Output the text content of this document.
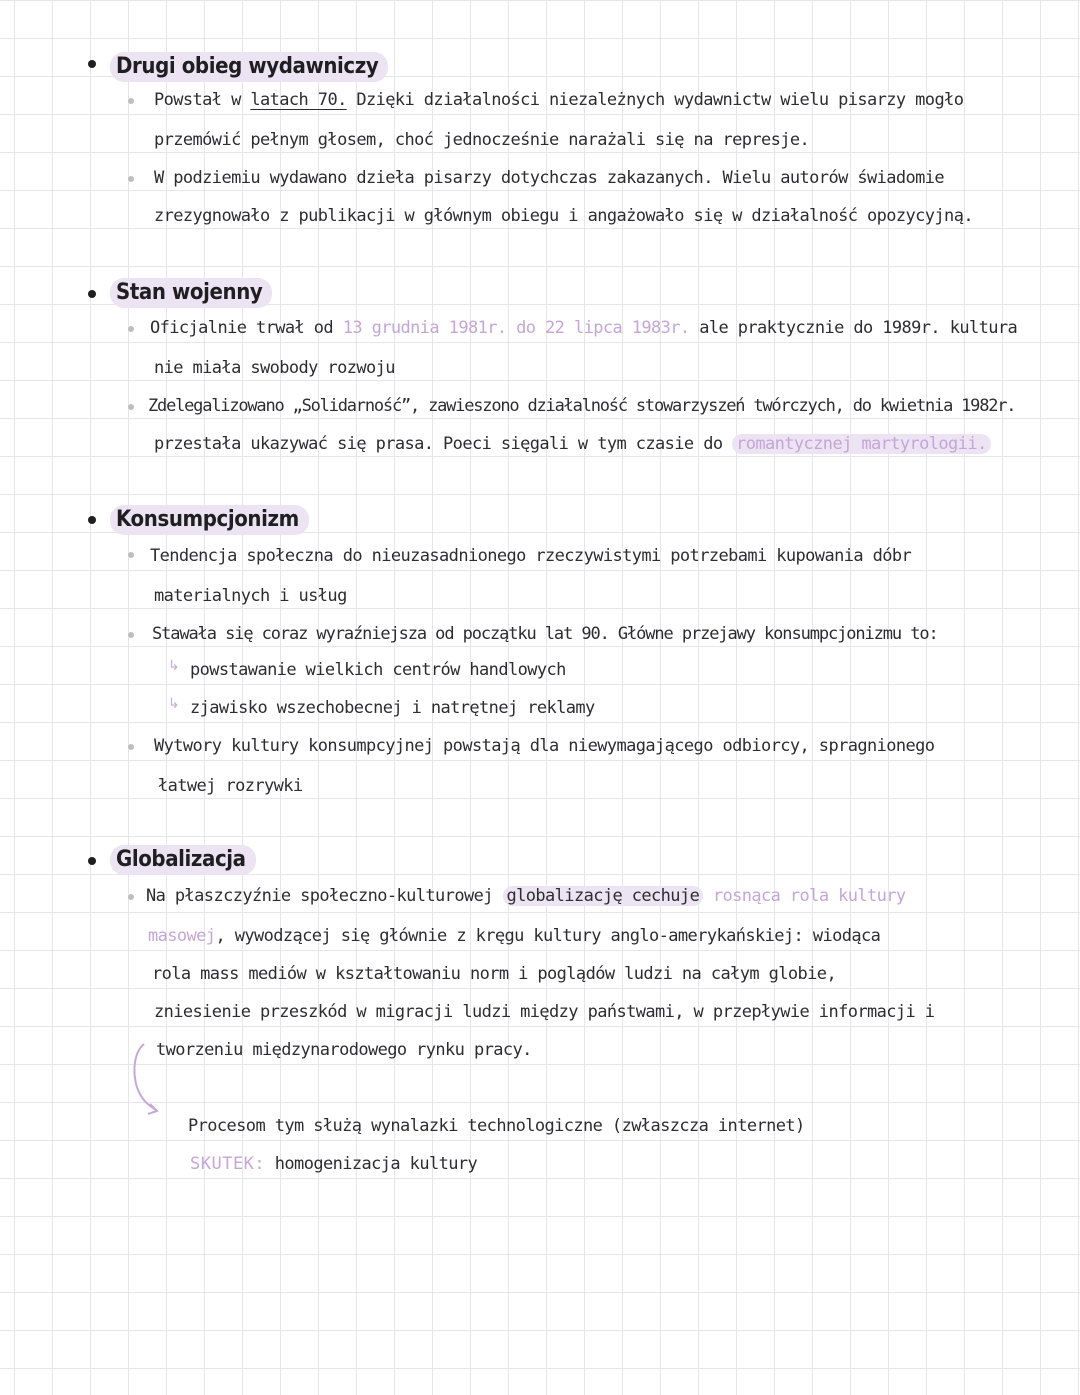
Drugi obieg wydawniczy
Powstał w latach 70. Dzięki działalności niezależnych wydawnictw wielu pisarzy mogło
przemówić pełnym głosem, choć jednocześnie narażali się na represje.
W podziemiu wydawano dzieła pisarzy dotychczas zakazanych. Wielu autorów świadomie
zrezygnowało z publikacji w głównym obiegu i angażowało się w działalność opozycyjną.
Stan wojenny
Oficjalnie trwał od 13 grudnia 1981r. do 22 lipca 1983r. ale praktycznie do 1989r. kultura
nie miała swobody rozwoju
Zdelegalizowano „Solidarność”, zawieszono działalność stowarzyszeń twórczych, do kwietnia 1982r.
przestała ukazywać się prasa. Poeci sięgali w tym czasie do romantycznej martyrologii.
Konsumpcjonizm
Tendencja społeczna do nieuzasadnionego rzeczywistymi potrzebami kupowania dóbr
materialnych i usług
Stawała się coraz wyraźniejsza od początku lat 90. Główne przejawy konsumpcjonizmu to:
↳ powstawanie wielkich centrów handlowych
↳ zjawisko wszechobecnej i natrętnej reklamy
Wytwory kultury konsumpcyjnej powstają dla niewymagającego odbiorcy, spragnionego
łatwej rozrywki
Globalizacja
Na płaszczyźnie społeczno-kulturowej globalizację cechuje rosnąca rola kultury
masowej, wywodzącej się głównie z kręgu kultury anglo-amerykańskiej: wiodąca
rola mass mediów w kształtowaniu norm i poglądów ludzi na całym globie,
zniesienie przeszkód w migracji ludzi między państwami, w przepływie informacji i
tworzeniu międzynarodowego rynku pracy.
Procesom tym służą wynalazki technologiczne (zwłaszcza internet)
SKUTEK: homogenizacja kultury
